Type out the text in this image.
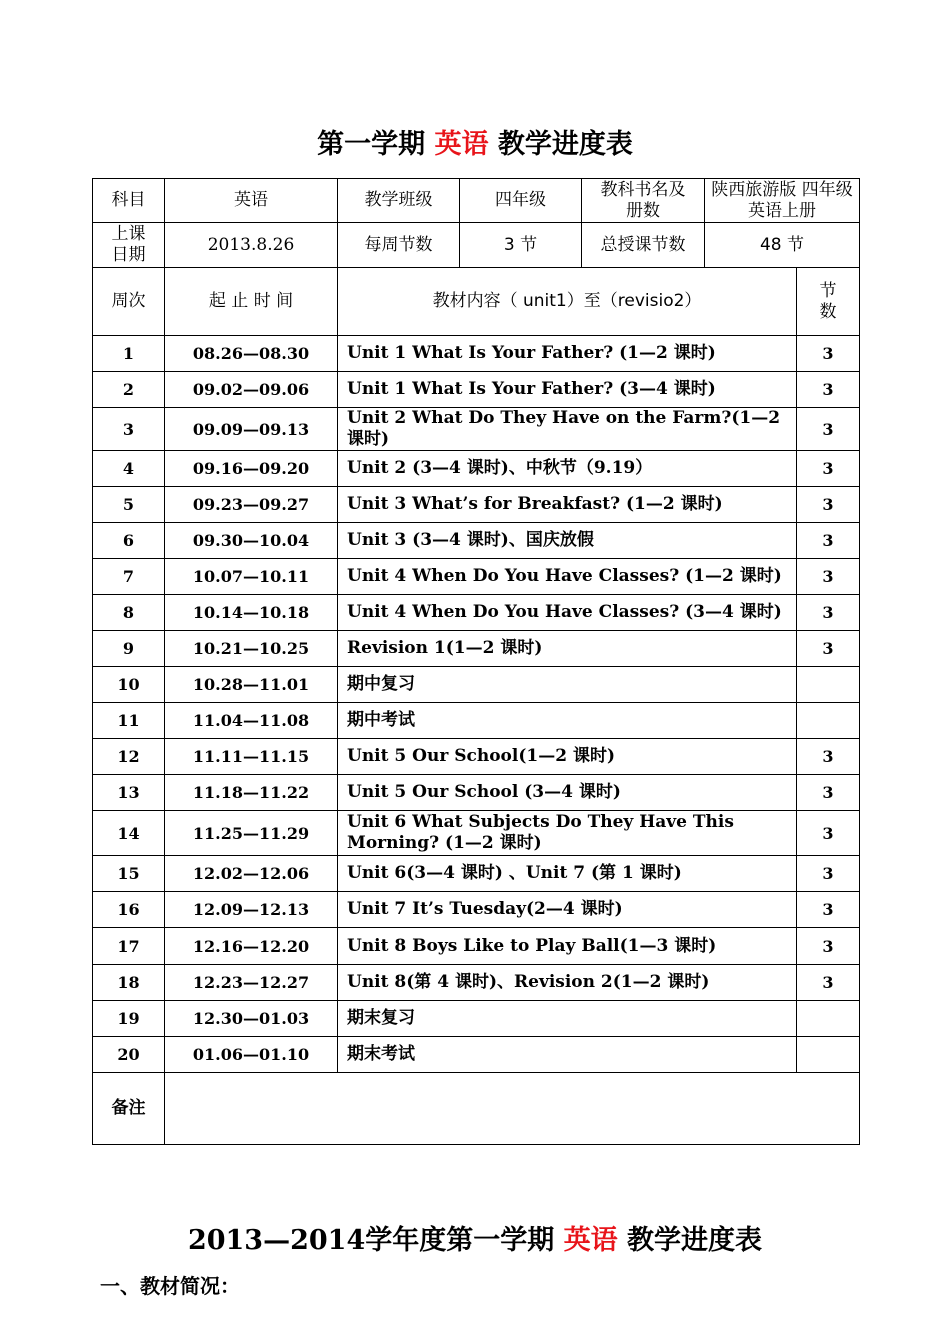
第一学期 英语 教学进度表
科目	英语	教学班级	四年级	教科书名及册数	陕西旅游版 四年级英语上册	
上课日期	2013.8.26	每周节数	3 节	总授课节数	48 节	
周次	起 止 时 间	教材内容（ unit1）至（revisio2）				节数
1	08.26—08.30	Unit 1 What Is Your Father? (1—2 课时)				3
2	09.02—09.06	Unit 1 What Is Your Father? (3—4 课时)				3
3	09.09—09.13	Unit 2 What Do They Have on the Farm?(1—2 课时)				3
4	09.16—09.20	Unit 2 (3—4 课时)、中秋节（9.19）				3
5	09.23—09.27	Unit 3 What’s for Breakfast? (1—2 课时)				3
6	09.30—10.04	Unit 3 (3—4 课时)、国庆放假				3
7	10.07—10.11	Unit 4 When Do You Have Classes? (1—2 课时)				3
8	10.14—10.18	Unit 4 When Do You Have Classes? (3—4 课时)				3
9	10.21—10.25	Revision 1(1—2 课时)				3
10	10.28—11.01	期中复习				
11	11.04—11.08	期中考试				
12	11.11—11.15	Unit 5 Our School(1—2 课时)				3
13	11.18—11.22	Unit 5 Our School (3—4 课时)				3
14	11.25—11.29	Unit 6 What Subjects Do They Have This Morning? (1—2 课时)				3
15	12.02—12.06	Unit 6(3—4 课时) 、Unit 7 (第 1 课时)				3
16	12.09—12.13	Unit 7 It’s Tuesday(2—4 课时)				3
17	12.16—12.20	Unit 8 Boys Like to Play Ball(1—3 课时)				3
18	12.23—12.27	Unit 8(第 4 课时)、Revision 2(1—2 课时)				3
19	12.30—01.03	期末复习				
20	01.06—01.10	期末考试				
备注						
2013—2014学年度第一学期 英语 教学进度表
一、教材简况：
